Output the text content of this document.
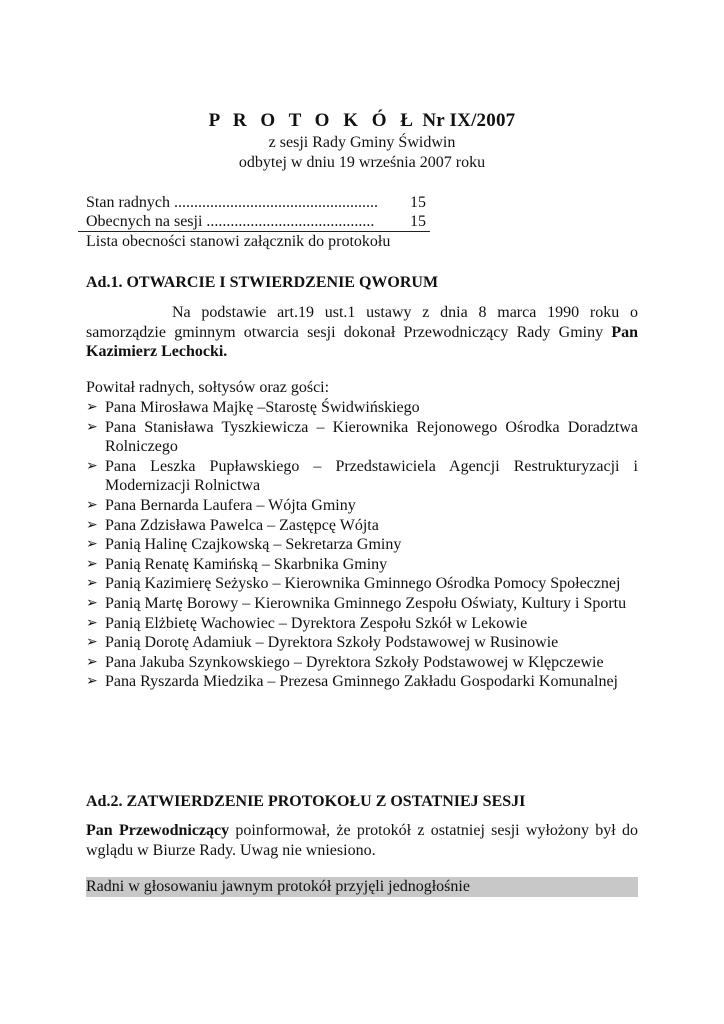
P R O T O K Ó Ł Nr IX/2007
z sesji Rady Gminy Świdwin
odbytej w dniu 19 września 2007 roku
Stan radnych ...................................................	15
Obecnych na sesji ..........................................	15
Lista obecności stanowi załącznik do protokołu
Ad.1. OTWARCIE I STWIERDZENIE QWORUM
Na podstawie art.19 ust.1 ustawy z dnia 8 marca 1990 roku o samorządzie gminnym otwarcia sesji dokonał Przewodniczący Rady Gminy Pan Kazimierz Lechocki.
Powitał radnych, sołtysów oraz gości:
➢ Pana Mirosława Majkę –Starostę Świdwińskiego
➢ Pana Stanisława Tyszkiewicza – Kierownika Rejonowego Ośrodka Doradztwa Rolniczego
➢ Pana Leszka Pupławskiego – Przedstawiciela Agencji Restrukturyzacji i Modernizacji Rolnictwa
➢ Pana Bernarda Laufera – Wójta Gminy
➢ Pana Zdzisława Pawelca – Zastępcę Wójta
➢ Panią Halinę Czajkowską – Sekretarza Gminy
➢ Panią Renatę Kamińską – Skarbnika Gminy
➢ Panią Kazimierę Seżysko – Kierownika Gminnego Ośrodka Pomocy Społecznej
➢ Panią Martę Borowy – Kierownika Gminnego Zespołu Oświaty, Kultury i Sportu
➢ Panią Elżbietę Wachowiec – Dyrektora Zespołu Szkół w Lekowie
➢ Panią Dorotę Adamiuk – Dyrektora Szkoły Podstawowej w Rusinowie
➢ Pana Jakuba Szynkowskiego – Dyrektora Szkoły Podstawowej w Klępczewie
➢ Pana Ryszarda Miedzika – Prezesa Gminnego Zakładu Gospodarki Komunalnej
Ad.2. ZATWIERDZENIE PROTOKOŁU Z OSTATNIEJ SESJI
Pan Przewodniczący poinformował, że protokół z ostatniej sesji wyłożony był do wglądu w Biurze Rady. Uwag nie wniesiono.
Radni w głosowaniu jawnym protokół przyjęli jednogłośnie
